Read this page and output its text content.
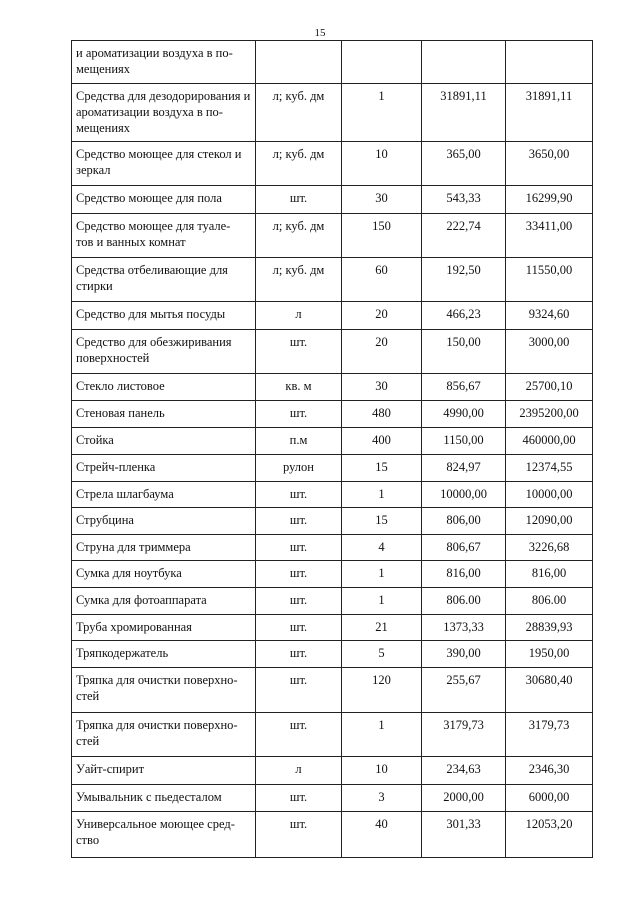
15
и ароматизации воздуха в по-
мещениях				
Средства для дезодорирования и ароматизации воздуха в по-
мещениях	л; куб. дм	1	31891,11	31891,11
Средство моющее для стекол и зеркал	л; куб. дм	10	365,00	3650,00
Средство моющее для пола	шт.	30	543,33	16299,90
Средство моющее для туале-
тов и ванных комнат	л; куб. дм	150	222,74	33411,00
Средства отбеливающие для стирки	л; куб. дм	60	192,50	11550,00
Средство для мытья посуды	л	20	466,23	9324,60
Средство для обезжиривания поверхностей	шт.	20	150,00	3000,00
Стекло листовое	кв. м	30	856,67	25700,10
Стеновая панель	шт.	480	4990,00	2395200,00
Стойка	п.м	400	1150,00	460000,00
Стрейч-пленка	рулон	15	824,97	12374,55
Стрела шлагбаума	шт.	1	10000,00	10000,00
Струбцина	шт.	15	806,00	12090,00
Струна для триммера	шт.	4	806,67	3226,68
Сумка для ноутбука	шт.	1	816,00	816,00
Сумка для фотоаппарата	шт.	1	806.00	806.00
Труба хромированная	шт.	21	1373,33	28839,93
Тряпкодержатель	шт.	5	390,00	1950,00
Тряпка для очистки поверхно-
стей	шт.	120	255,67	30680,40
Тряпка для очистки поверхно-
стей	шт.	1	3179,73	3179,73
Уайт-спирит	л	10	234,63	2346,30
Умывальник с пьедесталом	шт.	3	2000,00	6000,00
Универсальное моющее сред-
ство	шт.	40	301,33	12053,20
